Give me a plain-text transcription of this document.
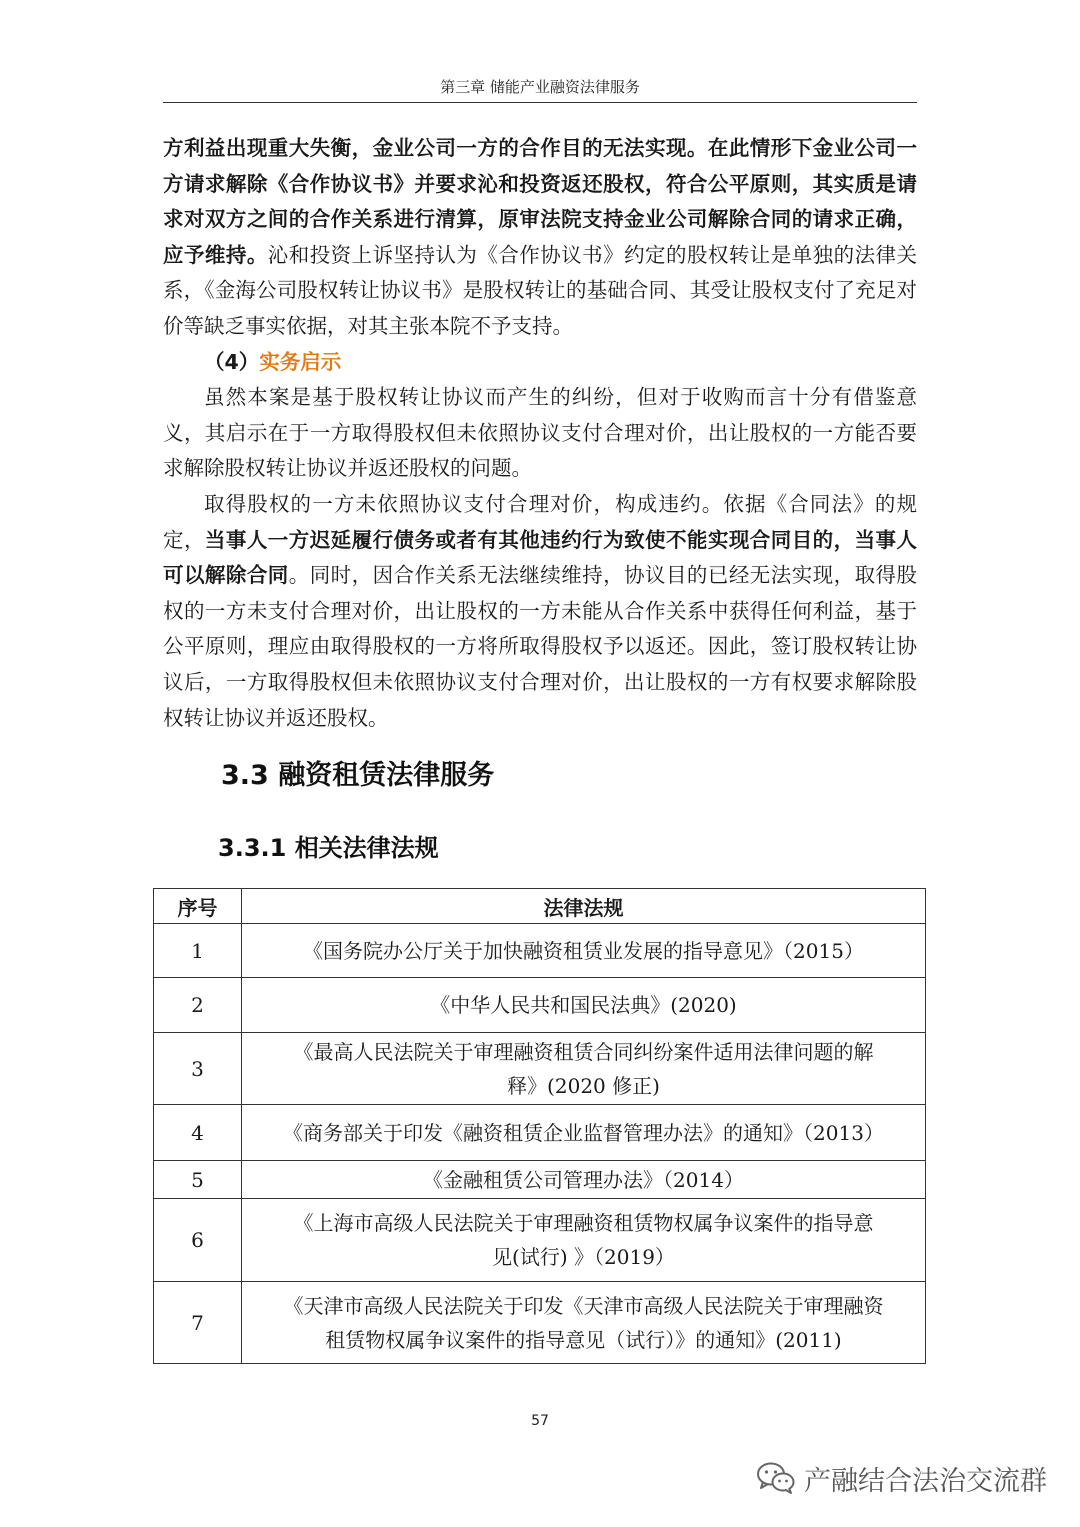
第三章 储能产业融资法律服务

方利益出现重大失衡，金业公司一方的合作目的无法实现。在此情形下金业公司一方请求解除《合作协议书》并要求沁和投资返还股权，符合公平原则，其实质是请求对双方之间的合作关系进行清算，原审法院支持金业公司解除合同的请求正确，应予维持。沁和投资上诉坚持认为《合作协议书》约定的股权转让是单独的法律关系，《金海公司股权转让协议书》是股权转让的基础合同、其受让股权支付了充足对价等缺乏事实依据，对其主张本院不予支持。

（4）实务启示

虽然本案是基于股权转让协议而产生的纠纷，但对于收购而言十分有借鉴意义，其启示在于一方取得股权但未依照协议支付合理对价，出让股权的一方能否要求解除股权转让协议并返还股权的问题。

取得股权的一方未依照协议支付合理对价，构成违约。依据《合同法》的规定，当事人一方迟延履行债务或者有其他违约行为致使不能实现合同目的，当事人可以解除合同。同时，因合作关系无法继续维持，协议目的已经无法实现，取得股权的一方未支付合理对价，出让股权的一方未能从合作关系中获得任何利益，基于公平原则，理应由取得股权的一方将所取得股权予以返还。因此，签订股权转让协议后，一方取得股权但未依照协议支付合理对价，出让股权的一方有权要求解除股权转让协议并返还股权。

3.3 融资租赁法律服务
3.3.1 相关法律法规
序号	法律法规
1	《国务院办公厅关于加快融资租赁业发展的指导意见》（2015）
2	《中华人民共和国民法典》(2020)
3	《最高人民法院关于审理融资租赁合同纠纷案件适用法律问题的解
释》(2020 修正)

4	《商务部关于印发《融资租赁企业监督管理办法》的通知》（2013）
5	《金融租赁公司管理办法》（2014）
6	《上海市高级人民法院关于审理融资租赁物权属争议案件的指导意
见(试行) 》（2019）

7	《天津市高级人民法院关于印发《天津市高级人民法院关于审理融资
租赁物权属争议案件的指导意见（试行）》的通知》(2011)
57
产融结合法治交流群
